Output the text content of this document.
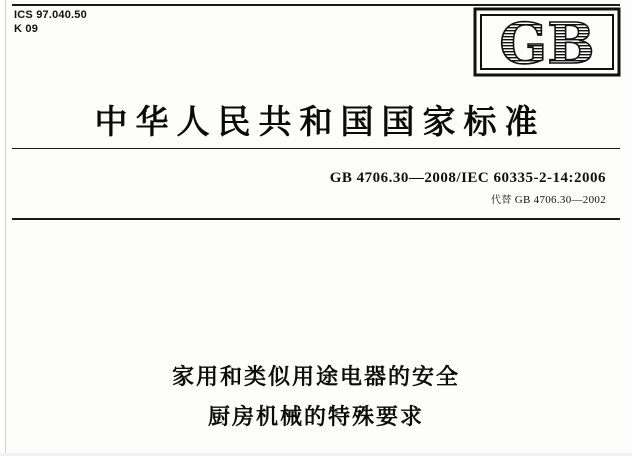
ICS 97.040.50
K 09	GB
中华人民共和国国家标准
GB 4706.30—2008/IEC 60335-2-14:2006
代替 GB 4706.30—2002
家用和类似用途电器的安全
厨房机械的特殊要求
